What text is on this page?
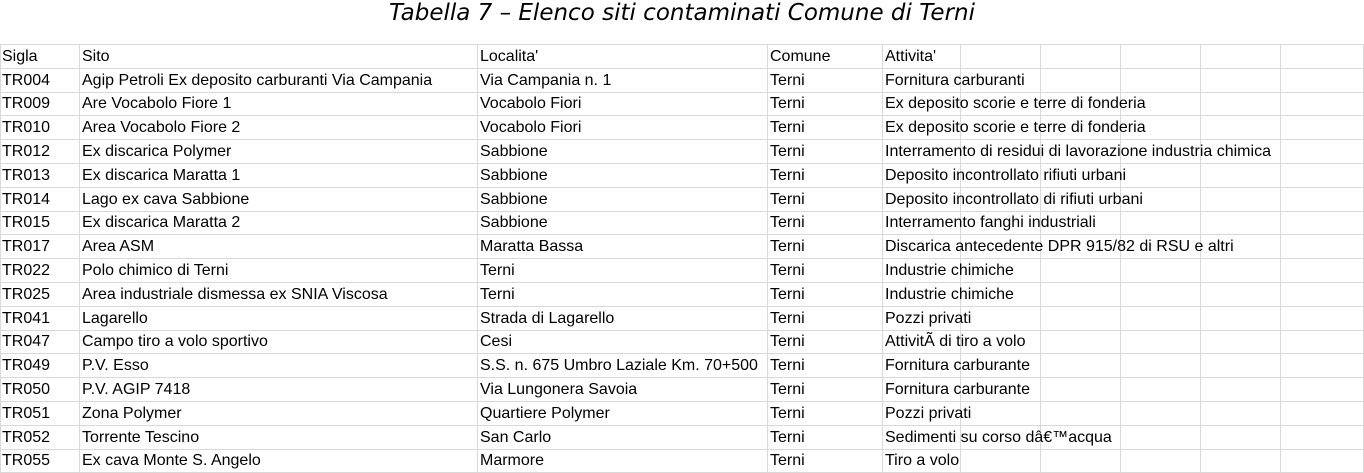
Tabella 7 – Elenco siti contaminati Comune di Terni
Sigla	Sito	Localita'	Comune	Attivita'					
TR004	Agip Petroli Ex deposito carburanti Via Campania	Via Campania n. 1	Terni	Fornitura carburanti					
TR009	Are Vocabolo Fiore 1	Vocabolo Fiori	Terni	Ex deposito scorie e terre di fonderia					
TR010	Area Vocabolo Fiore 2	Vocabolo Fiori	Terni	Ex deposito scorie e terre di fonderia					
TR012	Ex discarica Polymer	Sabbione	Terni	Interramento di residui di lavorazione industria chimica					
TR013	Ex discarica Maratta 1	Sabbione	Terni	Deposito incontrollato rifiuti urbani					
TR014	Lago ex cava Sabbione	Sabbione	Terni	Deposito incontrollato di rifiuti urbani					
TR015	Ex discarica Maratta 2	Sabbione	Terni	Interramento fanghi industriali					
TR017	Area ASM	Maratta Bassa	Terni	Discarica antecedente DPR 915/82 di RSU e altri					
TR022	Polo chimico di Terni	Terni	Terni	Industrie chimiche					
TR025	Area industriale dismessa ex SNIA Viscosa	Terni	Terni	Industrie chimiche					
TR041	Lagarello	Strada di Lagarello	Terni	Pozzi privati					
TR047	Campo tiro a volo sportivo	Cesi	Terni	AttivitÃ di tiro a volo					
TR049	P.V. Esso	S.S. n. 675 Umbro Laziale Km. 70+500	Terni	Fornitura carburante					
TR050	P.V. AGIP 7418	Via Lungonera Savoia	Terni	Fornitura carburante					
TR051	Zona Polymer	Quartiere Polymer	Terni	Pozzi privati					
TR052	Torrente Tescino	San Carlo	Terni	Sedimenti su corso dâ€™acqua					
TR055	Ex cava Monte S. Angelo	Marmore	Terni	Tiro a volo					
